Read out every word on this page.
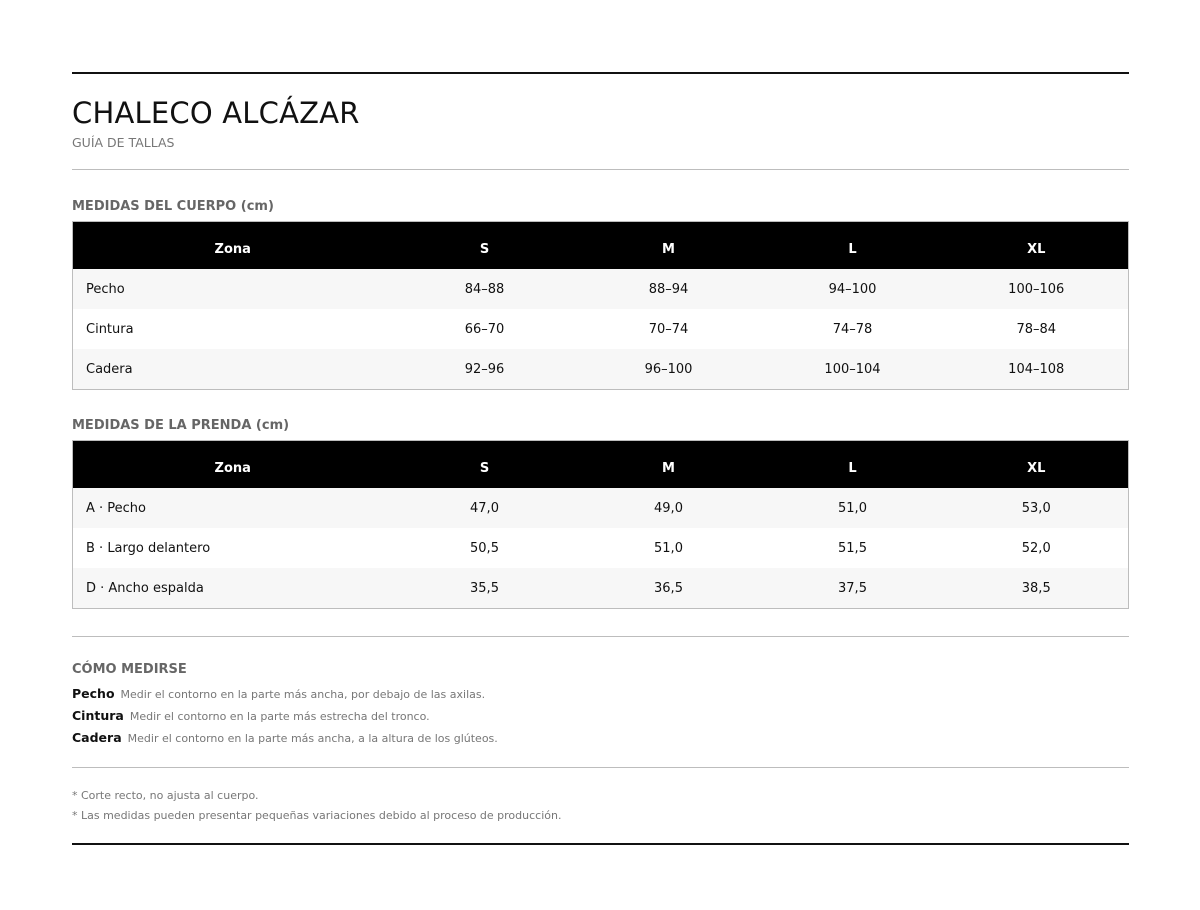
CHALECO ALCÁZAR
GUÍA DE TALLAS
MEDIDAS DEL CUERPO (cm)
Zona	S	M	L	XL
Pecho	84–88	88–94	94–100	100–106
Cintura	66–70	70–74	74–78	78–84
Cadera	92–96	96–100	100–104	104–108
MEDIDAS DE LA PRENDA (cm)
Zona	S	M	L	XL
A · Pecho	47,0	49,0	51,0	53,0
B · Largo delantero	50,5	51,0	51,5	52,0
D · Ancho espalda	35,5	36,5	37,5	38,5
CÓMO MEDIRSE
Pecho Medir el contorno en la parte más ancha, por debajo de las axilas.
Cintura Medir el contorno en la parte más estrecha del tronco.
Cadera Medir el contorno en la parte más ancha, a la altura de los glúteos.
* Corte recto, no ajusta al cuerpo.
* Las medidas pueden presentar pequeñas variaciones debido al proceso de producción.
